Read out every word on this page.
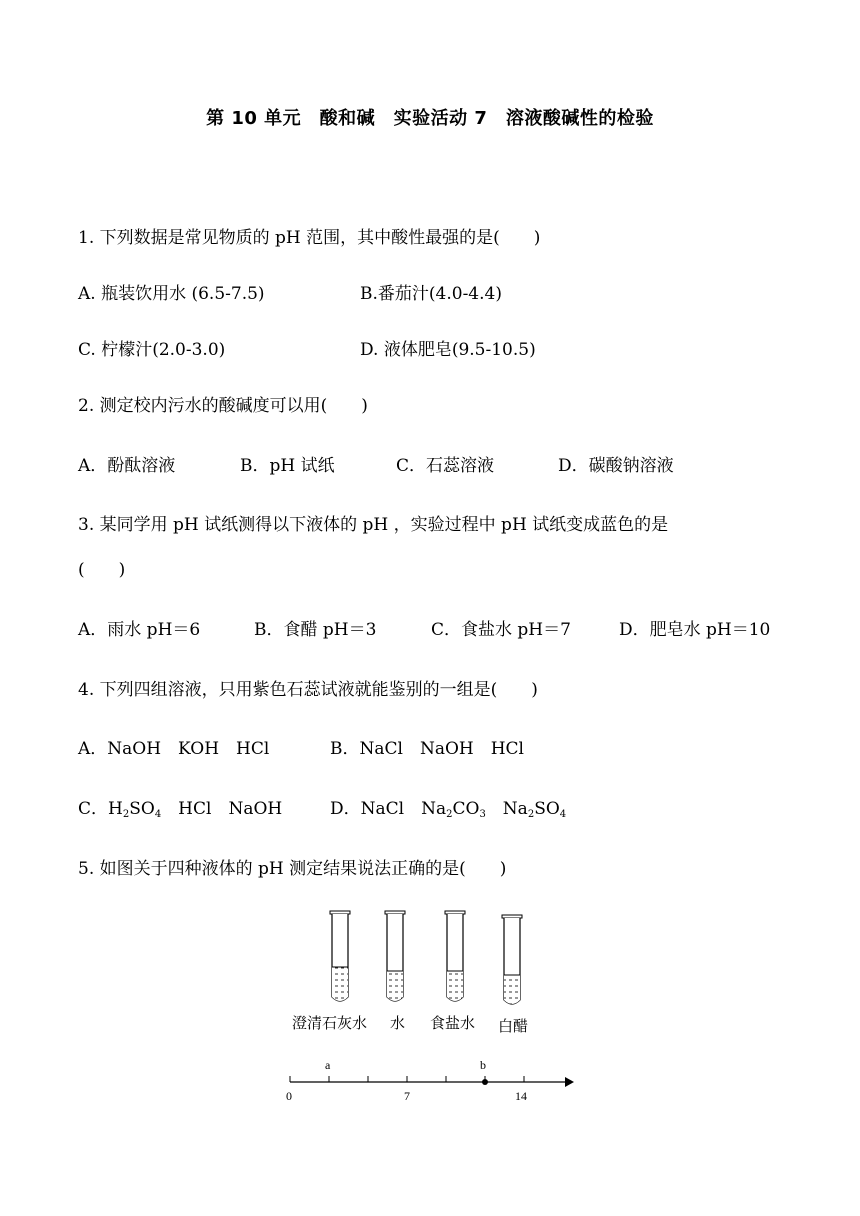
第 10 单元　酸和碱　实验活动 7　溶液酸碱性的检验
1. 下列数据是常见物质的 pH 范围，其中酸性最强的是(　　)
A. 瓶装饮用水 (6.5-7.5)	B.番茄汁(4.0-4.4)
C. 柠檬汁(2.0-3.0)	D. 液体肥皂(9.5-10.5)
2. 测定校内污水的酸碱度可以用(　　)
A．酚酞溶液	B．pH 试纸	C．石蕊溶液	D．碳酸钠溶液
3. 某同学用 pH 试纸测得以下液体的 pH ，实验过程中 pH 试纸变成蓝色的是
(　　)
A．雨水 pH＝6	B．食醋 pH＝3	C．食盐水 pH＝7	D．肥皂水 pH＝10
4. 下列四组溶液，只用紫色石蕊试液就能鉴别的一组是(　　)
A．NaOH　KOH　HCl	B．NaCl　NaOH　HCl
C．$H_2SO_4$　HCl　NaOH	D．NaCl　$Na_2CO_3$　$Na_2SO_4$
5. 如图关于四种液体的 pH 测定结果说法正确的是(　　)
澄清石灰水 水 食盐水 白醋
a	b
0	7	14
